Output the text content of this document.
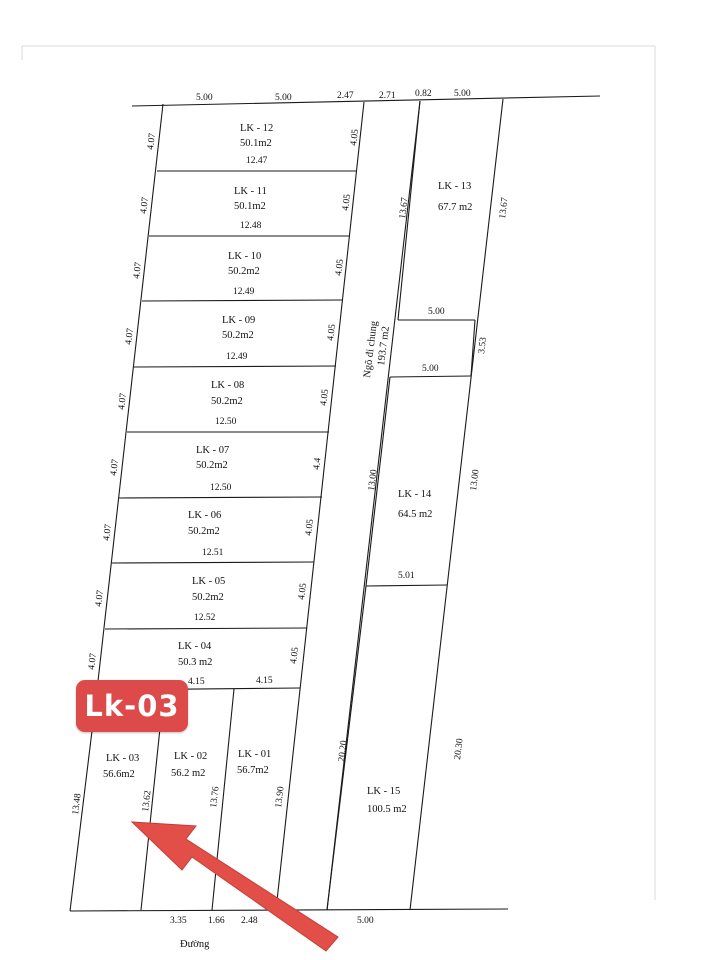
5.00	5.00	2.47	2.71 0.82 5.00
4.07
4.07
4.07
4.07
4.07
4.07
4.07
4.07
4.07
4.05
4.05
4.05
4.05
4.05
4.4
4.05
4.05
4.05
LK - 12
50.1m2
12.47
LK - 11
50.1m2
12.48
LK - 10
50.2m2
12.49
LK - 09
50.2m2
12.49
LK - 08
50.2m2
12.50
LK - 07
50.2m2
12.50
LK - 06
50.2m2
12.51
LK - 05
50.2m2
12.52
LK - 04
50.3 m2
4.15	4.15
LK - 03
56.6m2
LK - 02
56.2 m2
LK - 01
56.7m2
13.48	13.62	13.76	13.90
3.35 1.66 2.48	5.00
Đường
Ngõ đi chung
193.7 m2
20.20
LK - 13
67.7 m2
13.67	13.67
5.00
5.00
3.53
LK - 14
64.5 m2
13.00	13.00
5.01
LK - 15
100.5 m2
20.30
Lk-03
